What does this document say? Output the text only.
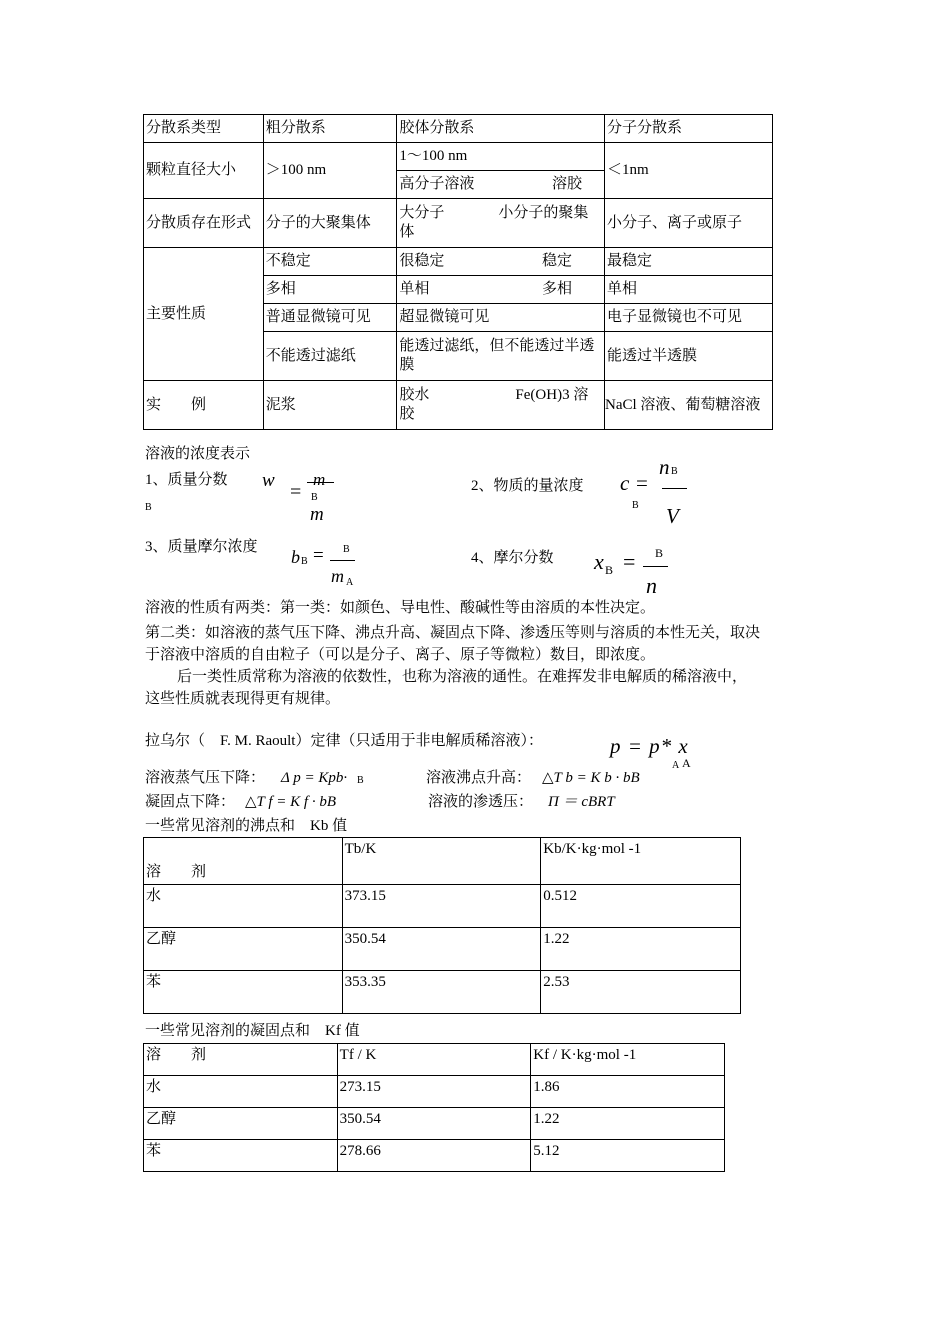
分散系类型	粗分散系	胶体分散系	分子分散系
颗粒直径大小	＞100 nm	1～100 nm	＜1nm

		高分子溶液 溶胶	

分散质存在形式	分子的大聚集体	大分子 小分子的聚集体	小分子、离子或原子
主要性质	不稳定	很稳定 稳定	最稳定
	多相	单相 多相	单相
	普通显微镜可见	超显微镜可见	电子显微镜也不可见
	不能透过滤纸	能透过滤纸，但不能透过半透膜	能透过半透膜
实　　例	泥浆	胶水 Fe(OH)3 溶胶	NaCl 溶液、葡萄糖溶液
溶液的浓度表示
1、质量分数
B
w
=
m
B
m
2、物质的量浓度
n B
c =
B V
3、质量摩尔浓度 b B = B
m A
4、摩尔分数 x B = B
n
溶液的性质有两类：第一类：如颜色、导电性、酸碱性等由溶质的本性决定。
第二类：如溶液的蒸气压下降、沸点升高、凝固点下降、渗透压等则与溶质的本性无关，取决
于溶液中溶质的自由粒子（可以是分子、离子、原子等微粒）数目，即浓度。
后一类性质常称为溶液的依数性，也称为溶液的通性。在难挥发非电解质的稀溶液中，
这些性质就表现得更有规律。
拉乌尔（　F. M. Raoult）定律（只适用于非电解质稀溶液）：	p = p* x
A A
溶液蒸气压下降： Δ p = Kpb· B	溶液沸点升高： △T b = K b · bB
凝固点下降： △T f = K f · bB	溶液的渗透压： Π ＝ cBRT
一些常见溶剂的沸点和　Kb 值
溶　　剂	Tb/K	Kb/K·kg·mol -1
水	373.15	0.512
乙醇	350.54	1.22
苯	353.35	2.53
一些常见溶剂的凝固点和　Kf 值
溶　　剂	Tf / K	Kf / K·kg·mol -1
水	273.15	1.86
乙醇	350.54	1.22
苯	278.66	5.12
